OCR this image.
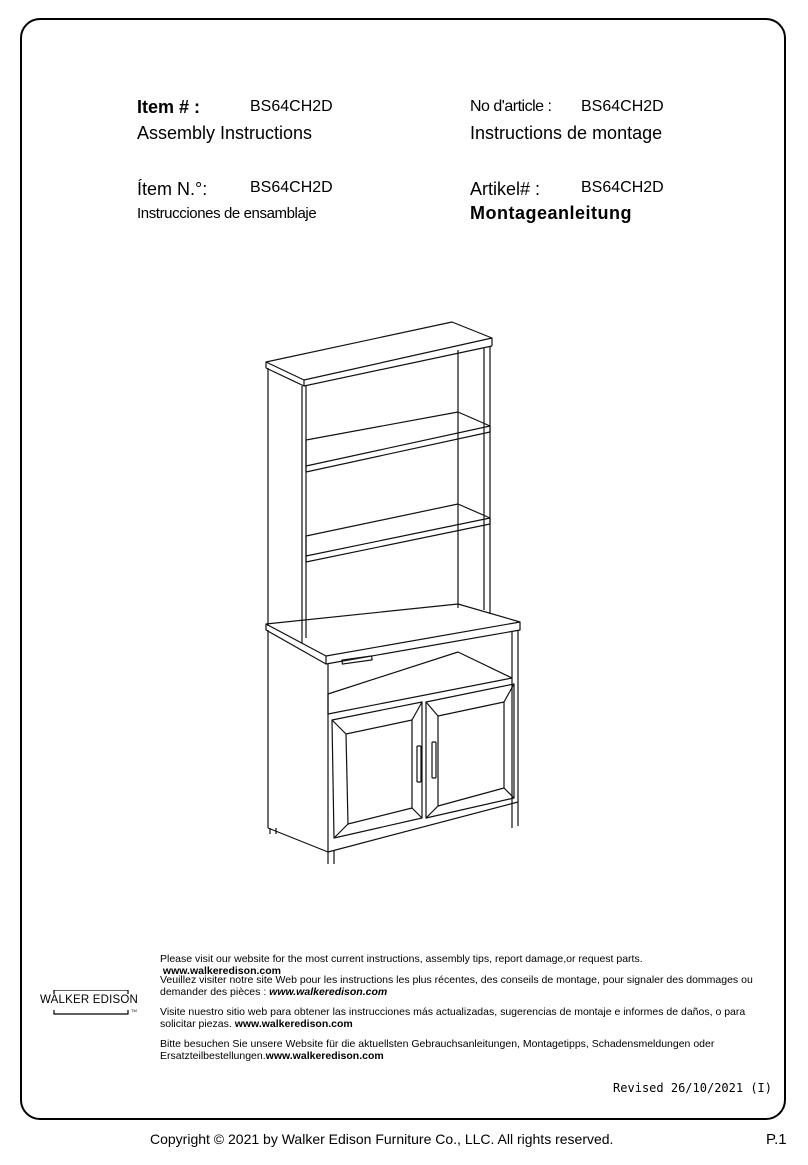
Item # :	BS64CH2D
Assembly Instructions
No d'article : BS64CH2D
Instructions de montage
Ítem N.°:	BS64CH2D
Instrucciones de ensamblaje
Artikel# :	BS64CH2D
Montageanleitung
Please visit our website for the most current instructions, assembly tips, report damage,or request parts.  www.walkeredison.com
Veuillez visiter notre site Web pour les instructions les plus récentes, des conseils de montage, pour signaler des dommages ou demander des pièces : www.walkeredison.com
Visite nuestro sitio web para obtener las instrucciones más actualizadas, sugerencias de montaje e informes de daños, o para solicitar piezas. www.walkeredison.com
Bitte besuchen Sie unsere Website für die aktuellsten Gebrauchsanleitungen, Montagetipps, Schadensmeldungen oder Ersatzteilbestellungen.www.walkeredison.com
WALKER EDISON
TM
Revised 26/10/2021 (I)
Copyright © 2021 by Walker Edison Furniture Co., LLC. All rights reserved.	P.1
